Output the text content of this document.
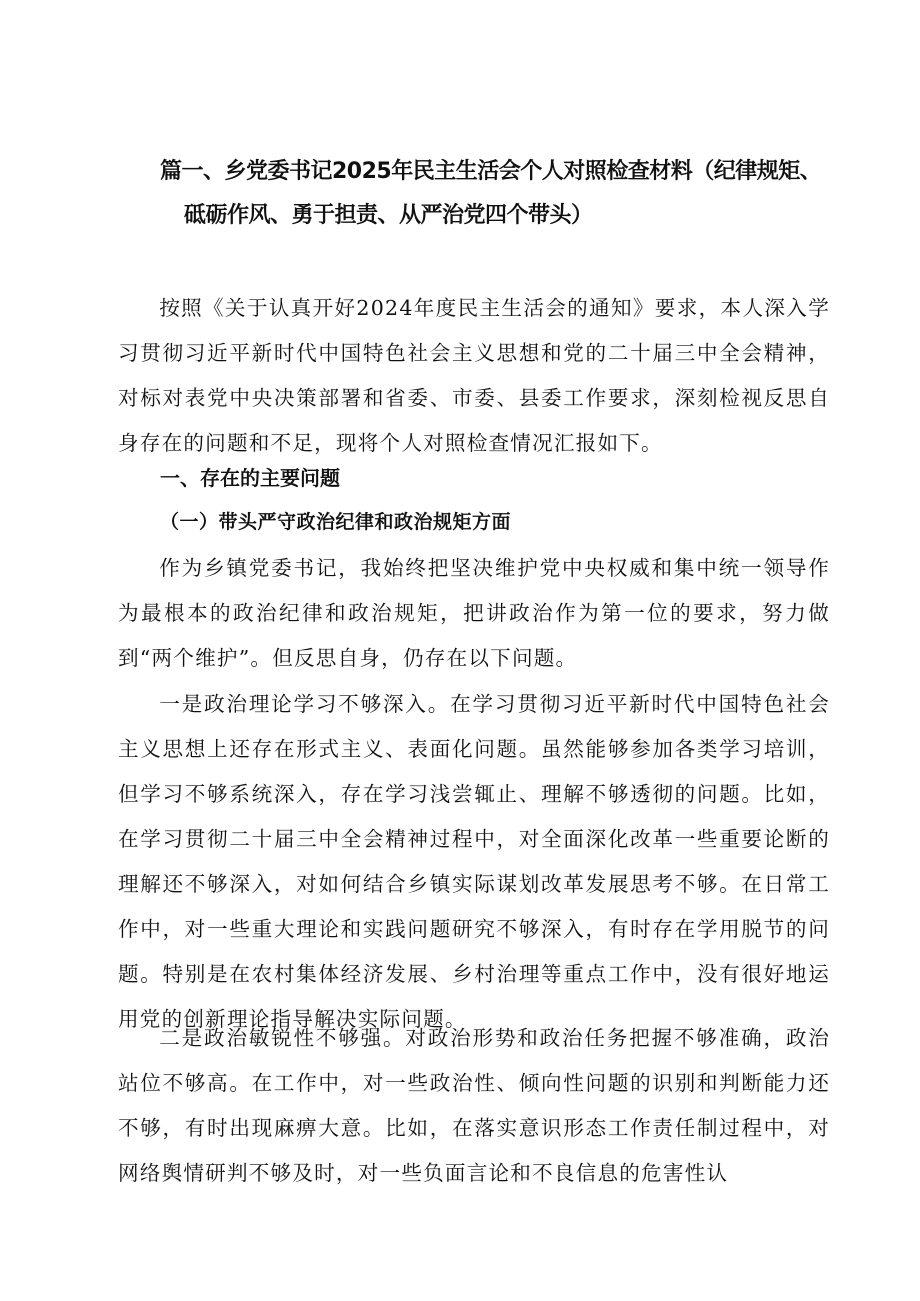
篇一、乡党委书记2025年民主生活会个人对照检查材料（纪律规矩、
砥砺作风、勇于担责、从严治党四个带头）

按照《关于认真开好2024年度民主生活会的通知》要求，本人深入学习贯彻习近平新时代中国特色社会主义思想和党的二十届三中全会精神，对标对表党中央决策部署和省委、市委、县委工作要求，深刻检视反思自身存在的问题和不足，现将个人对照检查情况汇报如下。

一、存在的主要问题
（一）带头严守政治纪律和政治规矩方面

作为乡镇党委书记，我始终把坚决维护党中央权威和集中统一领导作为最根本的政治纪律和政治规矩，把讲政治作为第一位的要求，努力做到“两个维护”。但反思自身，仍存在以下问题。

一是政治理论学习不够深入。在学习贯彻习近平新时代中国特色社会主义思想上还存在形式主义、表面化问题。虽然能够参加各类学习培训，但学习不够系统深入，存在学习浅尝辄止、理解不够透彻的问题。比如，在学习贯彻二十届三中全会精神过程中，对全面深化改革一些重要论断的理解还不够深入，对如何结合乡镇实际谋划改革发展思考不够。在日常工作中，对一些重大理论和实践问题研究不够深入，有时存在学用脱节的问题。特别是在农村集体经济发展、乡村治理等重点工作中，没有很好地运用党的创新理论指导解决实际问题。

二是政治敏锐性不够强。对政治形势和政治任务把握不够准确，政治站位不够高。在工作中，对一些政治性、倾向性问题的识别和判断能力还不够，有时出现麻痹大意。比如，在落实意识形态工作责任制过程中，对网络舆情研判不够及时，对一些负面言论和不良信息的危害性认
